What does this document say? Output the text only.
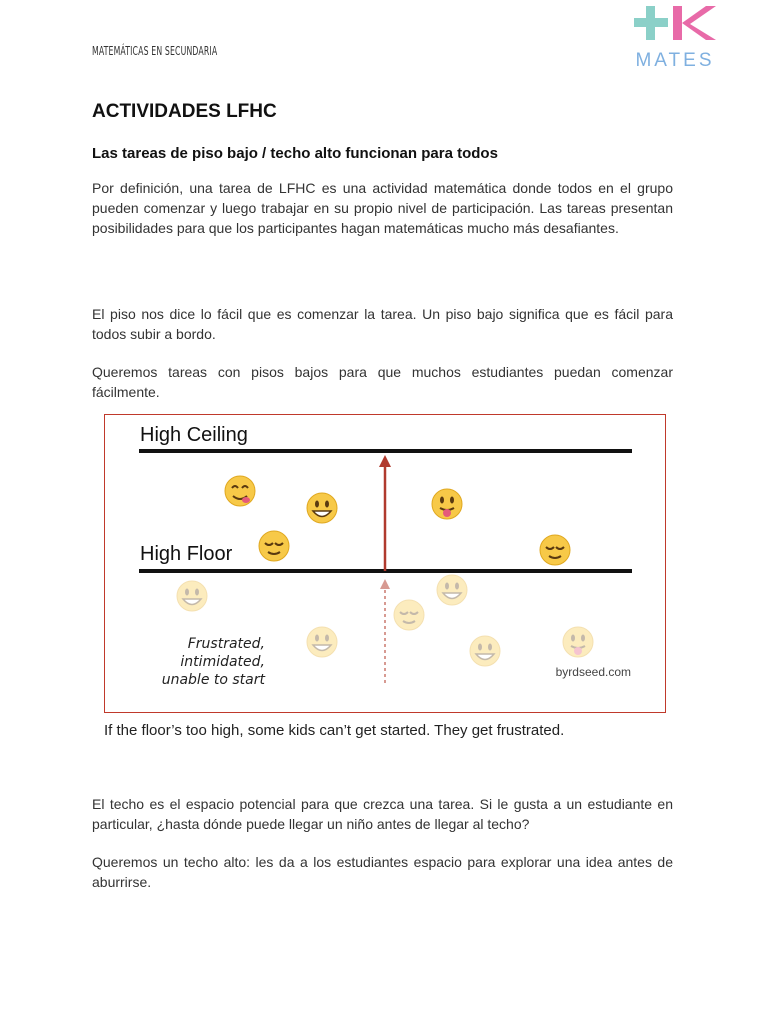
MATEMÁTICAS EN SECUNDARIA	MATES
ACTIVIDADES LFHC
Las tareas de piso bajo / techo alto funcionan para todos

Por definición, una tarea de LFHC es una actividad matemática donde todos en el grupo pueden comenzar y luego trabajar en su propio nivel de participación. Las tareas presentan posibilidades para que los participantes hagan matemáticas mucho más desafiantes.

El piso nos dice lo fácil que es comenzar la tarea. Un piso bajo significa que es fácil para todos subir a bordo.

Queremos tareas con pisos bajos para que muchos estudiantes puedan comenzar fácilmente.

High Ceiling
High Floor
Frustrated,
intimidated,
unable to start	byrdseed.com
If the floor’s too high, some kids can’t get started. They get frustrated.

El techo es el espacio potencial para que crezca una tarea. Si le gusta a un estudiante en particular, ¿hasta dónde puede llegar un niño antes de llegar al techo?

Queremos un techo alto: les da a los estudiantes espacio para explorar una idea antes de aburrirse.
